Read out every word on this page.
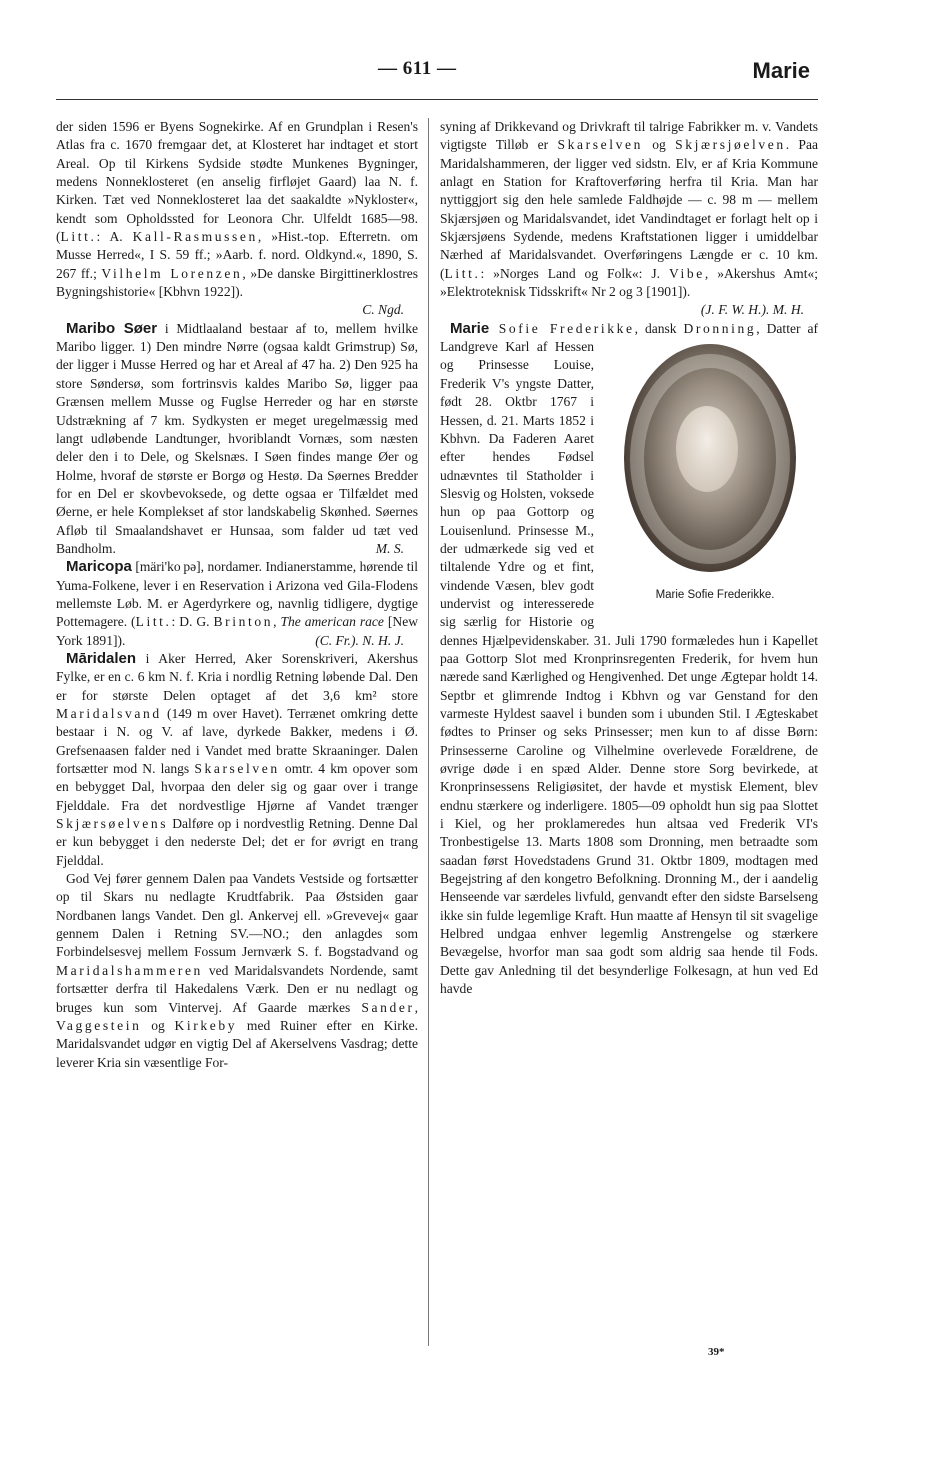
— 611 —	Marie

der siden 1596 er Byens Sognekirke. Af en Grundplan i Resen's Atlas fra c. 1670 fremgaar det, at Klosteret har indtaget et stort Areal. Op til Kirkens Sydside stødte Munkenes Bygninger, medens Nonneklosteret (en anselig firfløjet Gaard) laa N. f. Kirken. Tæt ved Nonneklosteret laa det saakaldte »Nykloster«, kendt som Opholdssted for Leonora Chr. Ulfeldt 1685—98. (Litt.: A. Kall-Rasmussen, »Hist.-top. Efterretn. om Musse Herred«, I S. 59 ff.; »Aarb. f. nord. Oldkynd.«, 1890, S. 267 ff.; Vilhelm Lorenzen, »De danske Birgittinerklostres Bygningshistorie« [Kbhvn 1922]).
C. Ngd.

Maribo Søer i Midtlaaland bestaar af to, mellem hvilke Maribo ligger. 1) Den mindre Nørre (ogsaa kaldt Grimstrup) Sø, der ligger i Musse Herred og har et Areal af 47 ha. 2) Den 925 ha store Søndersø, som fortrinsvis kaldes Maribo Sø, ligger paa Grænsen mellem Musse og Fuglse Herreder og har en største Udstrækning af 7 km. Sydkysten er meget uregelmæssig med langt udløbende Landtunger, hvoriblandt Vornæs, som næsten deler den i to Dele, og Skelsnæs. I Søen findes mange Øer og Holme, hvoraf de største er Borgø og Hestø. Da Søernes Bredder for en Del er skovbevoksede, og dette ogsaa er Tilfældet med Øerne, er hele Komplekset af stor landskabelig Skønhed. Søernes Afløb til Smaalandshavet er Hunsaa, som falder ud tæt ved Bandholm.	M. S.

Maricopa [märi'ko pə], nordamer. Indianerstamme, hørende til Yuma-Folkene, lever i en Reservation i Arizona ved Gila-Flodens mellemste Løb. M. er Agerdyrkere og, navnlig tidligere, dygtige Pottemagere. (Litt.: D. G. Brinton, The american race [New York 1891]).	(C. Fr.). N. H. J.

Māridalen i Aker Herred, Aker Sorenskriveri, Akershus Fylke, er en c. 6 km N. f. Kria i nordlig Retning løbende Dal. Den er for største Delen optaget af det 3,6 km² store Maridalsvand (149 m over Havet). Terrænet omkring dette bestaar i N. og V. af lave, dyrkede Bakker, medens i Ø. Grefsenaasen falder ned i Vandet med bratte Skraaninger. Dalen fortsætter mod N. langs Skarselven omtr. 4 km opover som en bebygget Dal, hvorpaa den deler sig og gaar over i trange Fjelddale. Fra det nordvestlige Hjørne af Vandet trænger Skjærsøelvens Dalføre op i nordvestlig Retning. Denne Dal er kun bebygget i den nederste Del; det er for øvrigt en trang Fjelddal.

God Vej fører gennem Dalen paa Vandets Vestside og fortsætter op til Skars nu nedlagte Krudtfabrik. Paa Østsiden gaar Nordbanen langs Vandet. Den gl. Ankervej ell. »Grevevej« gaar gennem Dalen i Retning SV.—NO.; den anlagdes som Forbindelsesvej mellem Fossum Jernværk S. f. Bogstadvand og Maridalshammeren ved Maridalsvandets Nordende, samt fortsætter derfra til Hakedalens Værk. Den er nu nedlagt og bruges kun som Vintervej. Af Gaarde mærkes Sander, Vaggestein og Kirkeby med Ruiner efter en Kirke. Maridalsvandet udgør en vigtig Del af Akerselvens Vasdrag; dette leverer Kria sin væsentlige For-

syning af Drikkevand og Drivkraft til talrige Fabrikker m. v. Vandets vigtigste Tilløb er Skarselven og Skjærsjøelven. Paa Maridalshammeren, der ligger ved sidstn. Elv, er af Kria Kommune anlagt en Station for Kraftoverføring herfra til Kria. Man har nyttiggjort sig den hele samlede Faldhøjde — c. 98 m — mellem Skjærsjøen og Maridalsvandet, idet Vandindtaget er forlagt helt op i Skjærsjøens Sydende, medens Kraftstationen ligger i umiddelbar Nærhed af Maridalsvandet. Overføringens Længde er c. 10 km. (Litt.: »Norges Land og Folk«: J. Vibe, »Akershus Amt«; »Elektroteknisk Tidsskrift« Nr 2 og 3 [1901]).
(J. F. W. H.). M. H.

Marie Sofie Frederikke, dansk Dronning
Marie Sofie Frederikke.
, Datter af Landgreve Karl af Hessen og Prinsesse Louise, Frederik V's yngste Datter, født 28. Oktbr 1767 i Hessen, d. 21. Marts 1852 i Kbhvn. Da Faderen Aaret efter hendes Fødsel udnævntes til Statholder i Slesvig og Holsten, voksede hun op paa Gottorp og Louisenlund. Prinsesse M., der udmærkede sig ved et tiltalende Ydre og et fint, vindende Væsen, blev godt undervist og interesserede sig særlig for Historie og dennes Hjælpevidenskaber. 31. Juli 1790 formæledes hun i Kapellet paa Gottorp Slot med Kronprinsregenten Frederik, for hvem hun nærede sand Kærlighed og Hengivenhed. Det unge Ægtepar holdt 14. Septbr et glimrende Indtog i Kbhvn og var Genstand for den varmeste Hyldest saavel i bunden som i ubunden Stil. I Ægteskabet fødtes to Prinser og seks Prinsesser; men kun to af disse Børn: Prinsesserne Caroline og Vilhelmine overlevede Forældrene, de øvrige døde i en spæd Alder. Denne store Sorg bevirkede, at Kronprinsessens Religiøsitet, der havde et mystisk Element, blev endnu stærkere og inderligere. 1805—09 opholdt hun sig paa Slottet i Kiel, og her proklameredes hun altsaa ved Frederik VI's Tronbestigelse 13. Marts 1808 som Dronning, men betraadte som saadan først Hovedstadens Grund 31. Oktbr 1809, modtagen med Begejstring af den kongetro Befolkning. Dronning M., der i aandelig Henseende var særdeles livfuld, genvandt efter den sidste Barselseng ikke sin fulde legemlige Kraft. Hun maatte af Hensyn til sit svagelige Helbred undgaa enhver legemlig Anstrengelse og stærkere Bevægelse, hvorfor man saa godt som aldrig saa hende til Fods. Dette gav Anledning til det besynderlige Folkesagn, at hun ved Ed havde

39*
